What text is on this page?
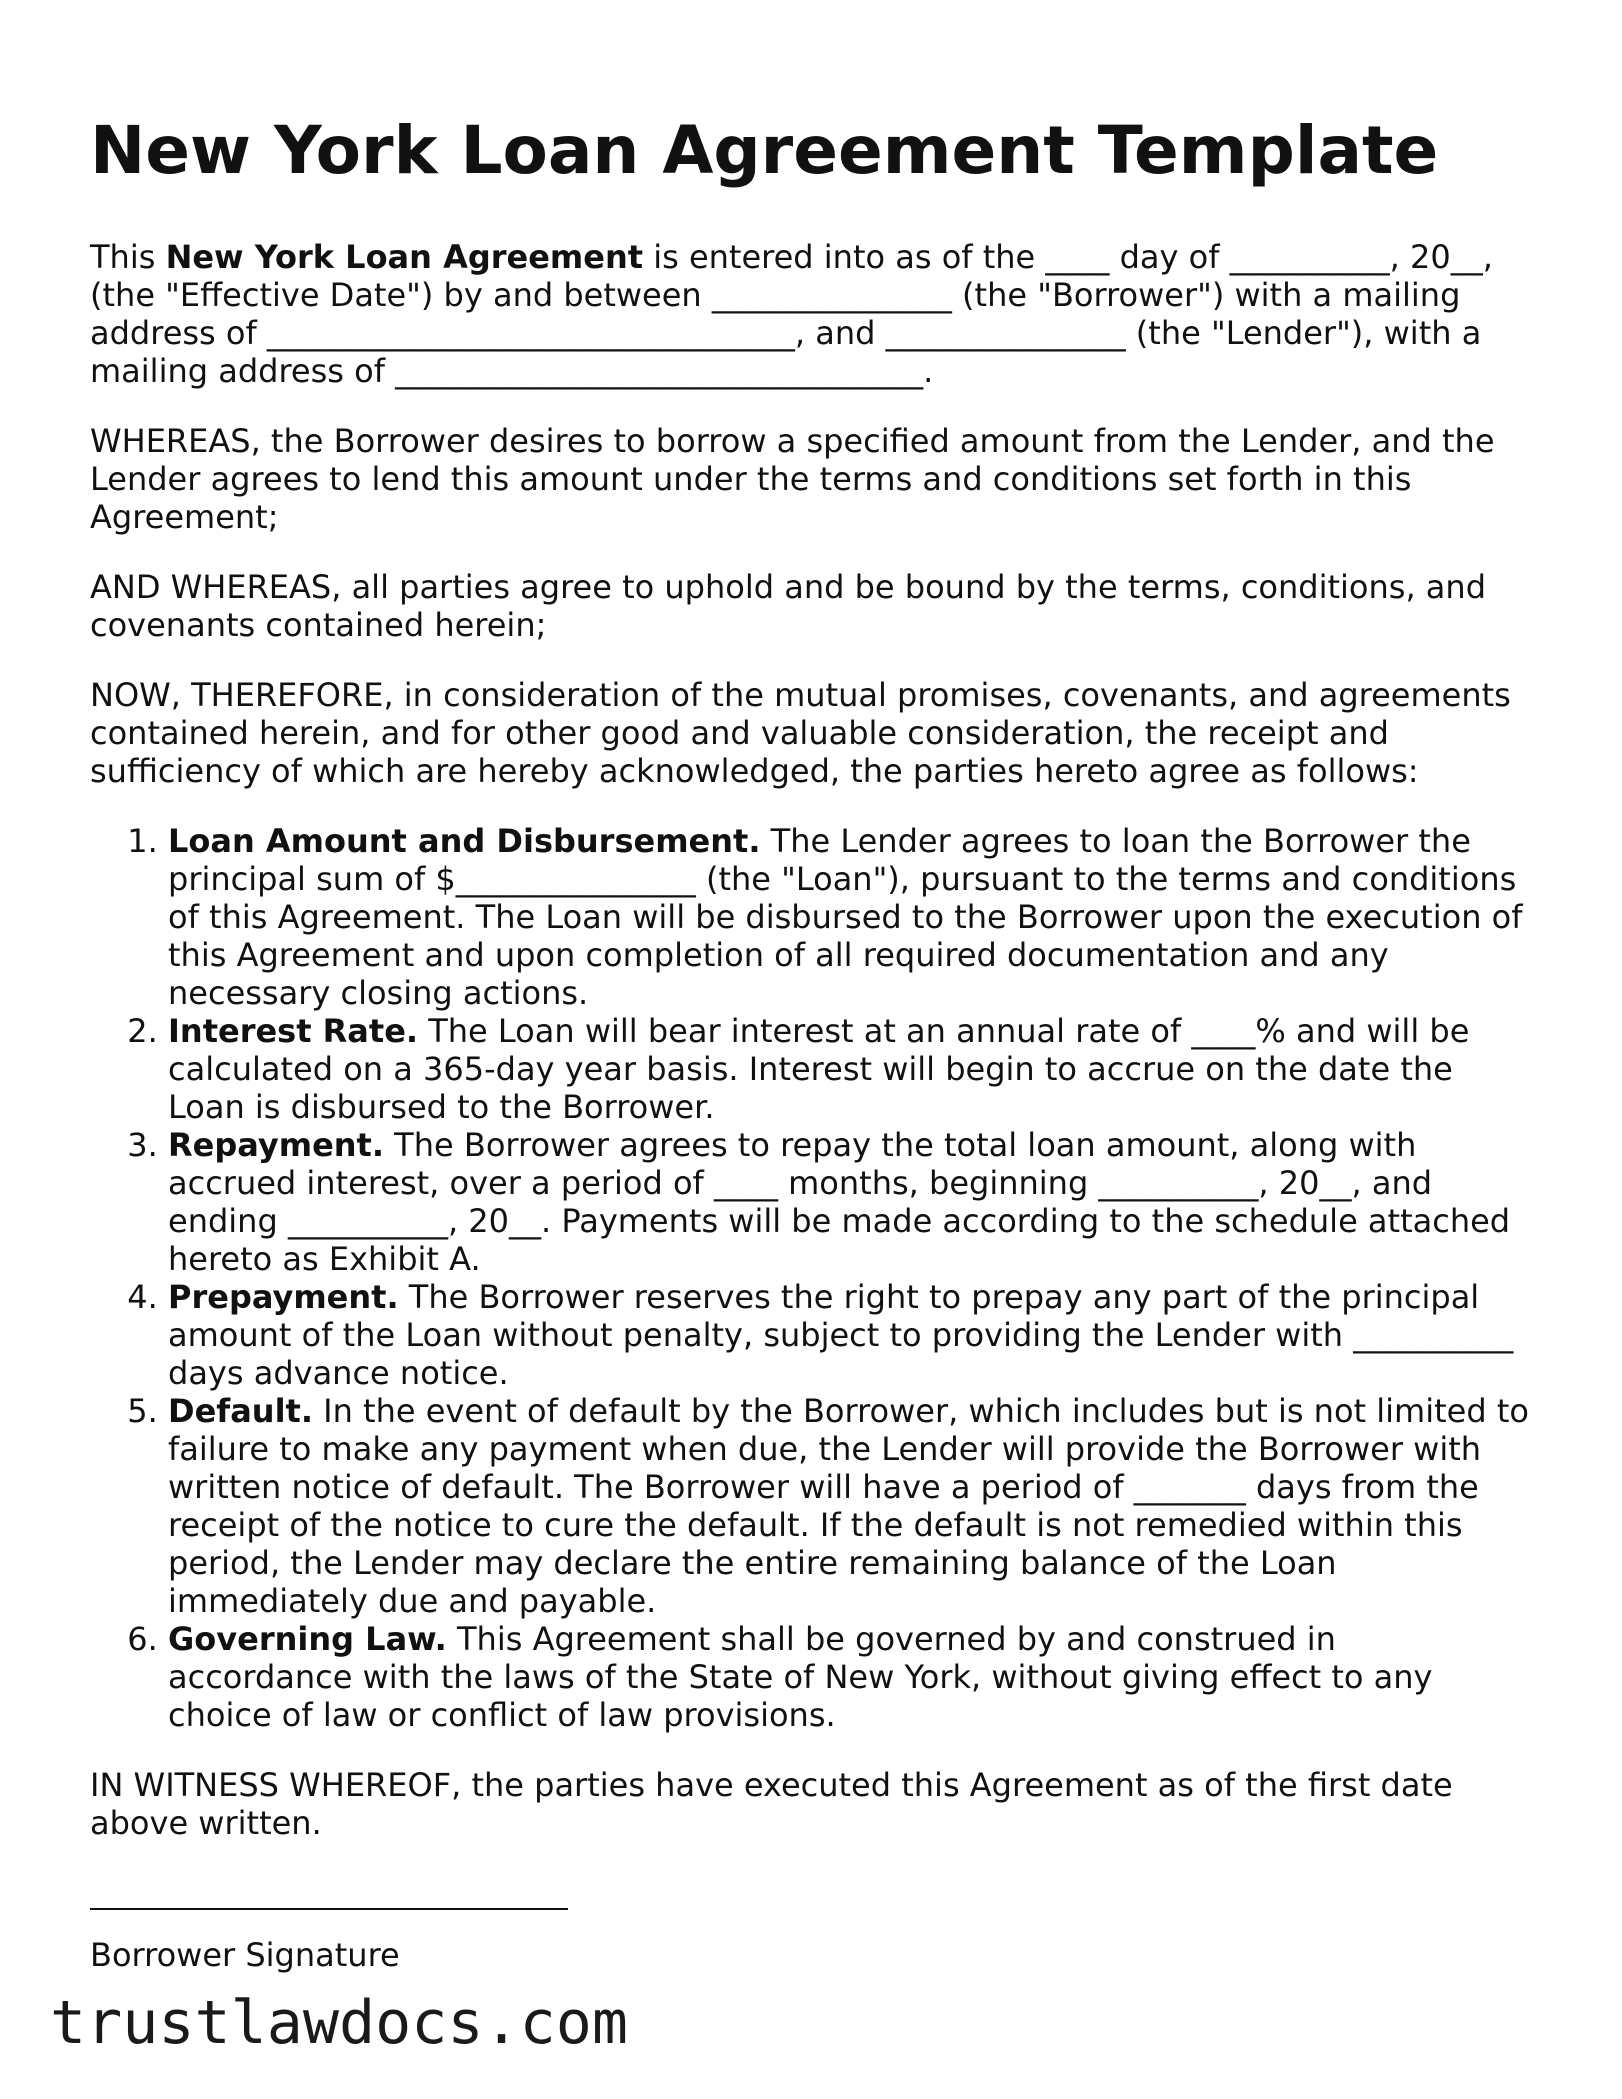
New York Loan Agreement Template

This New York Loan Agreement is entered into as of the ____ day of __________, 20__, (the "Effective Date") by and between _______________ (the "Borrower") with a mailing address of _________________________________, and _______________ (the "Lender"), with a mailing address of _________________________________.

WHEREAS, the Borrower desires to borrow a specified amount from the Lender, and the Lender agrees to lend this amount under the terms and conditions set forth in this Agreement;

AND WHEREAS, all parties agree to uphold and be bound by the terms, conditions, and covenants contained herein;

NOW, THEREFORE, in consideration of the mutual promises, covenants, and agreements contained herein, and for other good and valuable consideration, the receipt and sufficiency of which are hereby acknowledged, the parties hereto agree as follows:

1. Loan Amount and Disbursement. The Lender agrees to loan the Borrower the principal sum of $_______________ (the "Loan"), pursuant to the terms and conditions of this Agreement. The Loan will be disbursed to the Borrower upon the execution of this Agreement and upon completion of all required documentation and any necessary closing actions.
2. Interest Rate. The Loan will bear interest at an annual rate of ____% and will be calculated on a 365-day year basis. Interest will begin to accrue on the date the Loan is disbursed to the Borrower.
3. Repayment. The Borrower agrees to repay the total loan amount, along with accrued interest, over a period of ____ months, beginning __________, 20__, and ending __________, 20__. Payments will be made according to the schedule attached hereto as Exhibit A.
4. Prepayment. The Borrower reserves the right to prepay any part of the principal amount of the Loan without penalty, subject to providing the Lender with __________ days advance notice.
5. Default. In the event of default by the Borrower, which includes but is not limited to failure to make any payment when due, the Lender will provide the Borrower with written notice of default. The Borrower will have a period of _______ days from the receipt of the notice to cure the default. If the default is not remedied within this period, the Lender may declare the entire remaining balance of the Loan immediately due and payable.
6. Governing Law. This Agreement shall be governed by and construed in accordance with the laws of the State of New York, without giving effect to any choice of law or conflict of law provisions.

IN WITNESS WHEREOF, the parties have executed this Agreement as of the first date above written.

Borrower Signature
trustlawdocs.com
